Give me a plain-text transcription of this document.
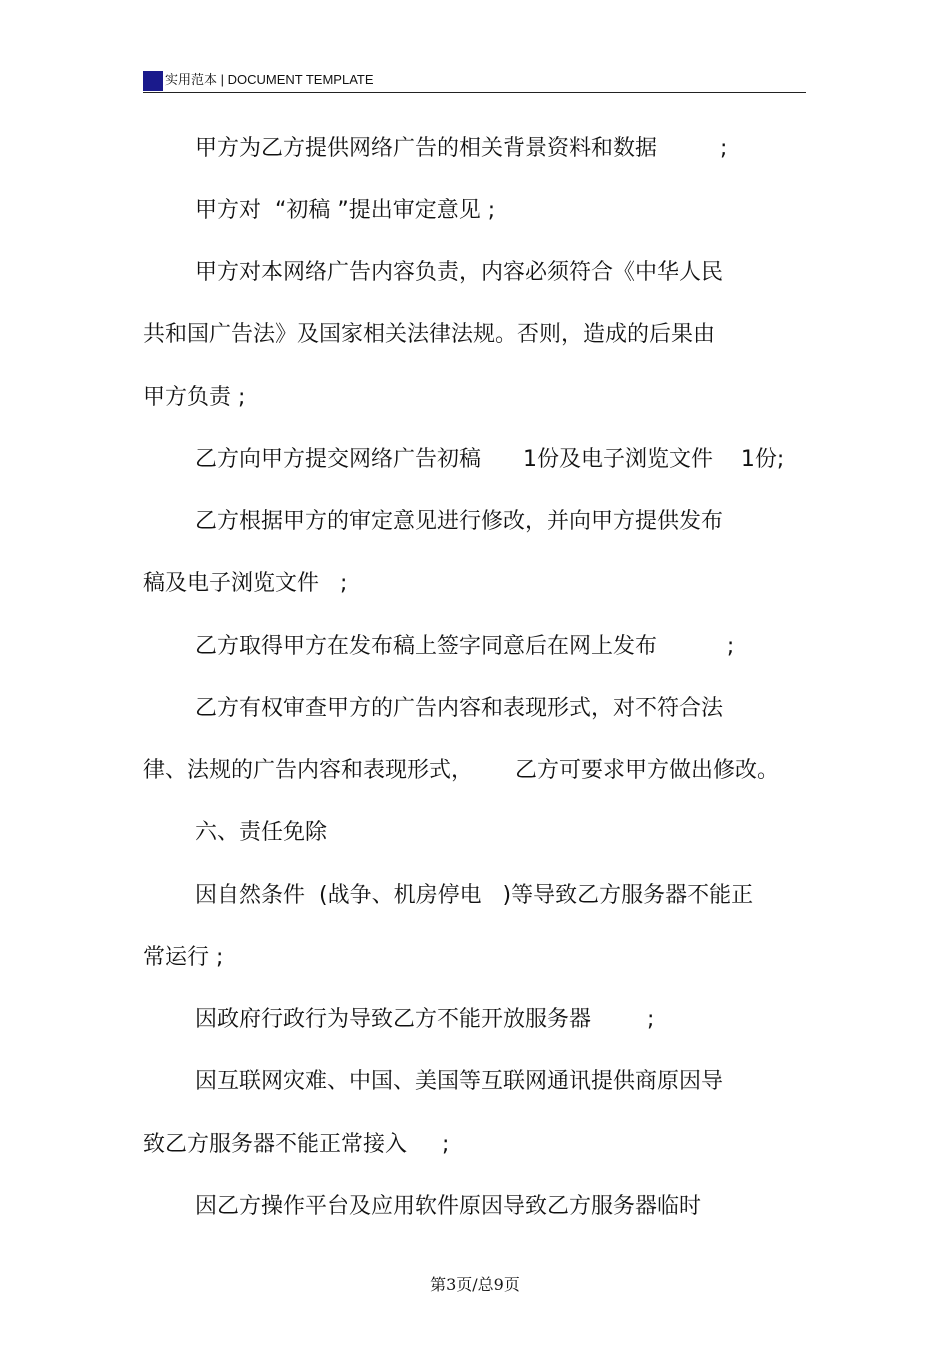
实用范本 | DOCUMENT TEMPLATE
甲方为乙方提供网络广告的相关背景资料和数据         ;
甲方对  “初稿 ”提出审定意见 ;
甲方对本网络广告内容负责，内容必须符合《中华人民
共和国广告法》及国家相关法律法规。否则，造成的后果由
甲方负责 ;
乙方向甲方提交网络广告初稿      1份及电子浏览文件    1份;
乙方根据甲方的审定意见进行修改，并向甲方提供发布
稿及电子浏览文件   ;
乙方取得甲方在发布稿上签字同意后在网上发布          ;
乙方有权审查甲方的广告内容和表现形式，对不符合法
律、法规的广告内容和表现形式，      乙方可要求甲方做出修改。
六、责任免除
因自然条件  (战争、机房停电   )等导致乙方服务器不能正
常运行 ;
因政府行政行为导致乙方不能开放服务器        ;
因互联网灾难、中国、美国等互联网通讯提供商原因导
致乙方服务器不能正常接入     ;
因乙方操作平台及应用软件原因导致乙方服务器临时
第3页/总9页
